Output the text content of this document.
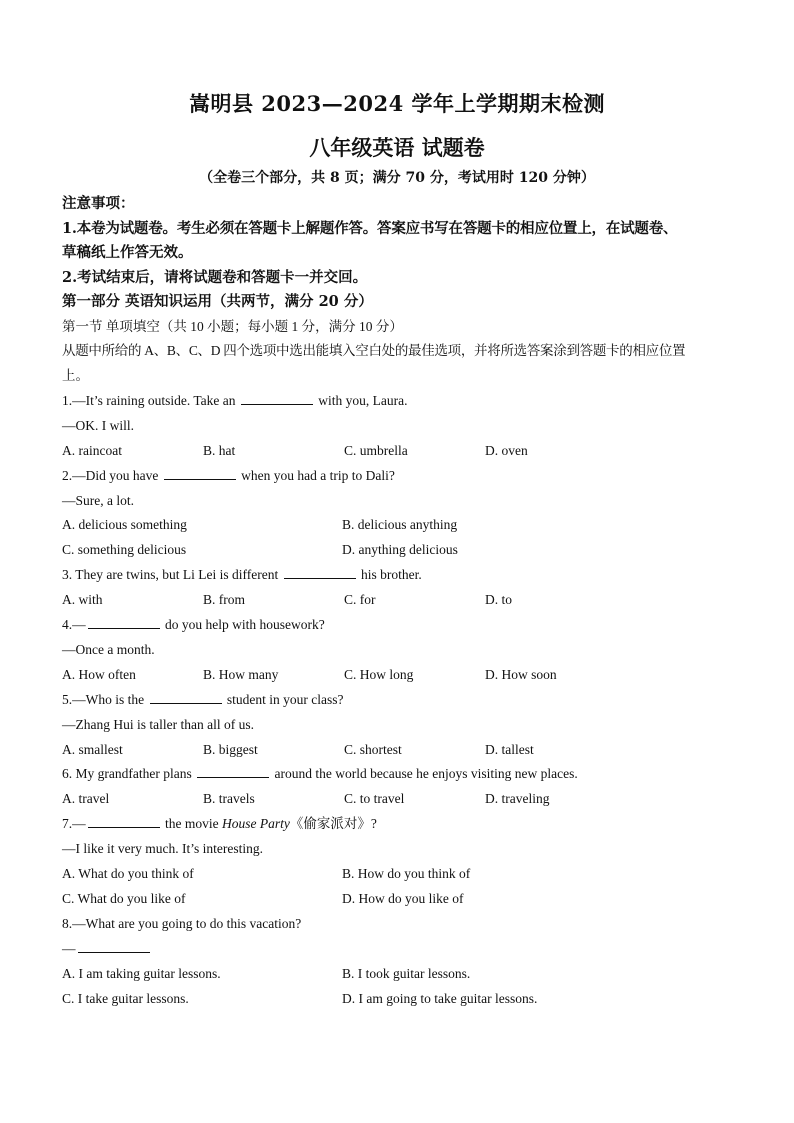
嵩明县 2023—2024 学年上学期期末检测
八年级英语 试题卷
（全卷三个部分，共 8 页；满分 70 分，考试用时 120 分钟）
注意事项：
1.本卷为试题卷。考生必须在答题卡上解题作答。答案应书写在答题卡的相应位置上，在试题卷、
草稿纸上作答无效。
2.考试结束后，请将试题卷和答题卡一并交回。
第一部分 英语知识运用（共两节，满分 20 分）
第一节 单项填空（共 10 小题；每小题 1 分，满分 10 分）
从题中所给的 A、B、C、D 四个选项中选出能填入空白处的最佳选项，并将所选答案涂到答题卡的相应位置
上。
1.—It’s raining outside. Take an	with you, Laura.
—OK. I will.
A. raincoat	B. hat	C. umbrella	D. oven
2.—Did you have	when you had a trip to Dali?
—Sure, a lot.
A. delicious something	B. delicious anything
C. something delicious	D. anything delicious
3. They are twins, but Li Lei is different	his brother.
A. with	B. from	C. for	D. to
4.—	do you help with housework?
—Once a month.
A. How often	B. How many	C. How long	D. How soon
5.—Who is the	student in your class?
—Zhang Hui is taller than all of us.
A. smallest	B. biggest	C. shortest	D. tallest
6. My grandfather plans	around the world because he enjoys visiting new places.
A. travel	B. travels	C. to travel	D. traveling
7.—	the movie House Party《偷家派对》?
—I like it very much. It’s interesting.
A. What do you think of	B. How do you think of
C. What do you like of	D. How do you like of
8.—What are you going to do this vacation?
—
A. I am taking guitar lessons.	B. I took guitar lessons.
C. I take guitar lessons.	D. I am going to take guitar lessons.
